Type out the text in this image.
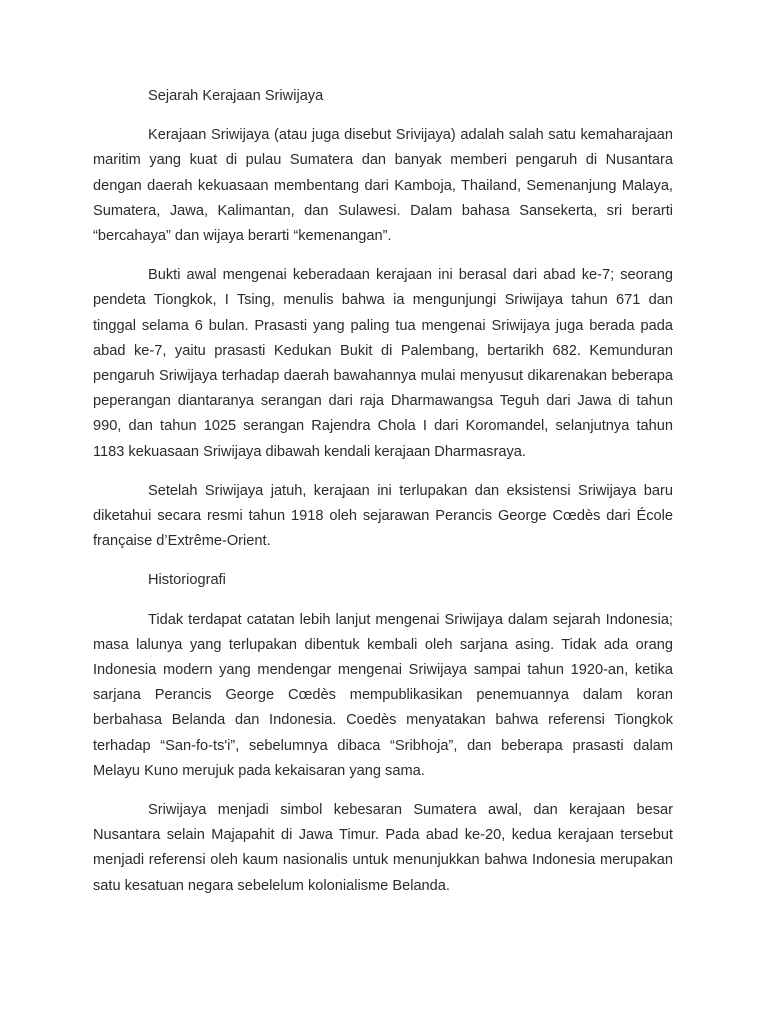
Sejarah Kerajaan Sriwijaya

Kerajaan Sriwijaya (atau juga disebut Srivijaya) adalah salah satu kemaharajaan maritim yang kuat di pulau Sumatera dan banyak memberi pengaruh di Nusantara dengan daerah kekuasaan membentang dari Kamboja, Thailand, Semenanjung Malaya, Sumatera, Jawa, Kalimantan, dan Sulawesi. Dalam bahasa Sansekerta, sri berarti “bercahaya” dan wijaya berarti “kemenangan”.

Bukti awal mengenai keberadaan kerajaan ini berasal dari abad ke-7; seorang pendeta Tiongkok, I Tsing, menulis bahwa ia mengunjungi Sriwijaya tahun 671 dan tinggal selama 6 bulan. Prasasti yang paling tua mengenai Sriwijaya juga berada pada abad ke-7, yaitu prasasti Kedukan Bukit di Palembang, bertarikh 682. Kemunduran pengaruh Sriwijaya terhadap daerah bawahannya mulai menyusut dikarenakan beberapa peperangan diantaranya serangan dari raja Dharmawangsa Teguh dari Jawa di tahun 990, dan tahun 1025 serangan Rajendra Chola I dari Koromandel, selanjutnya tahun 1183 kekuasaan Sriwijaya dibawah kendali kerajaan Dharmasraya.

Setelah Sriwijaya jatuh, kerajaan ini terlupakan dan eksistensi Sriwijaya baru diketahui secara resmi tahun 1918 oleh sejarawan Perancis George Cœdès dari École française d’Extrême-Orient.

Historiografi

Tidak terdapat catatan lebih lanjut mengenai Sriwijaya dalam sejarah Indonesia; masa lalunya yang terlupakan dibentuk kembali oleh sarjana asing. Tidak ada orang Indonesia modern yang mendengar mengenai Sriwijaya sampai tahun 1920-an, ketika sarjana Perancis George Cœdès mempublikasikan penemuannya dalam koran berbahasa Belanda dan Indonesia. Coedès menyatakan bahwa referensi Tiongkok terhadap “San-fo-ts'i”, sebelumnya dibaca “Sribhoja”, dan beberapa prasasti dalam Melayu Kuno merujuk pada kekaisaran yang sama.

Sriwijaya menjadi simbol kebesaran Sumatera awal, dan kerajaan besar Nusantara selain Majapahit di Jawa Timur. Pada abad ke-20, kedua kerajaan tersebut menjadi referensi oleh kaum nasionalis untuk menunjukkan bahwa Indonesia merupakan satu kesatuan negara sebelelum kolonialisme Belanda.
